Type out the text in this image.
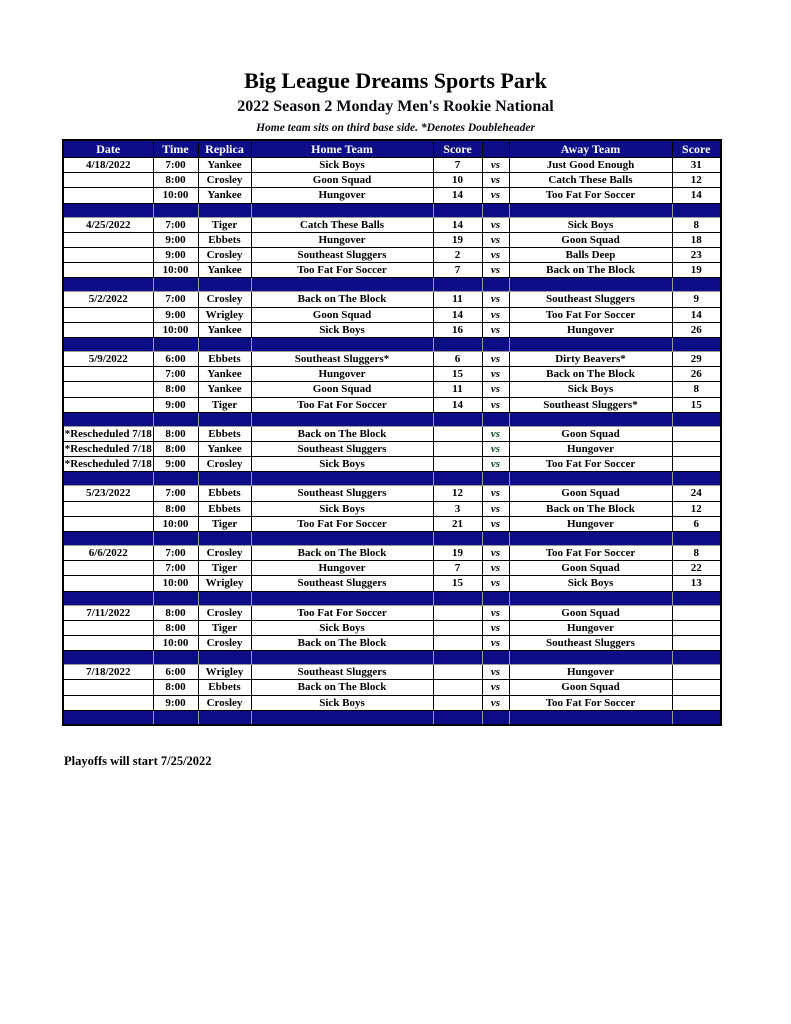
Big League Dreams Sports Park
2022 Season 2 Monday Men's Rookie National
Home team sits on third base side. *Denotes Doubleheader
Date	Time	Replica	Home Team	Score		Away Team	Score
4/18/2022	7:00	Yankee	Sick Boys	7	vs	Just Good Enough	31
	8:00	Crosley	Goon Squad	10	vs	Catch These Balls	12
	10:00	Yankee	Hungover	14	vs	Too Fat For Soccer	14

4/25/2022	7:00	Tiger	Catch These Balls	14	vs	Sick Boys	8
	9:00	Ebbets	Hungover	19	vs	Goon Squad	18
	9:00	Crosley	Southeast Sluggers	2	vs	Balls Deep	23
	10:00	Yankee	Too Fat For Soccer	7	vs	Back on The Block	19

5/2/2022	7:00	Crosley	Back on The Block	11	vs	Southeast Sluggers	9
	9:00	Wrigley	Goon Squad	14	vs	Too Fat For Soccer	14
	10:00	Yankee	Sick Boys	16	vs	Hungover	26

5/9/2022	6:00	Ebbets	Southeast Sluggers*	6	vs	Dirty Beavers*	29
	7:00	Yankee	Hungover	15	vs	Back on The Block	26
	8:00	Yankee	Goon Squad	11	vs	Sick Boys	8
	9:00	Tiger	Too Fat For Soccer	14	vs	Southeast Sluggers*	15

*Rescheduled 7/18	8:00	Ebbets	Back on The Block		vs	Goon Squad	
*Rescheduled 7/18	8:00	Yankee	Southeast Sluggers		vs	Hungover	
*Rescheduled 7/18	9:00	Crosley	Sick Boys		vs	Too Fat For Soccer	

5/23/2022	7:00	Ebbets	Southeast Sluggers	12	vs	Goon Squad	24
	8:00	Ebbets	Sick Boys	3	vs	Back on The Block	12
	10:00	Tiger	Too Fat For Soccer	21	vs	Hungover	6

6/6/2022	7:00	Crosley	Back on The Block	19	vs	Too Fat For Soccer	8
	7:00	Tiger	Hungover	7	vs	Goon Squad	22
	10:00	Wrigley	Southeast Sluggers	15	vs	Sick Boys	13

7/11/2022	8:00	Crosley	Too Fat For Soccer		vs	Goon Squad	
	8:00	Tiger	Sick Boys		vs	Hungover	
	10:00	Crosley	Back on The Block		vs	Southeast Sluggers	

7/18/2022	6:00	Wrigley	Southeast Sluggers		vs	Hungover	
	8:00	Ebbets	Back on The Block		vs	Goon Squad	
	9:00	Crosley	Sick Boys		vs	Too Fat For Soccer	

Playoffs will start 7/25/2022
